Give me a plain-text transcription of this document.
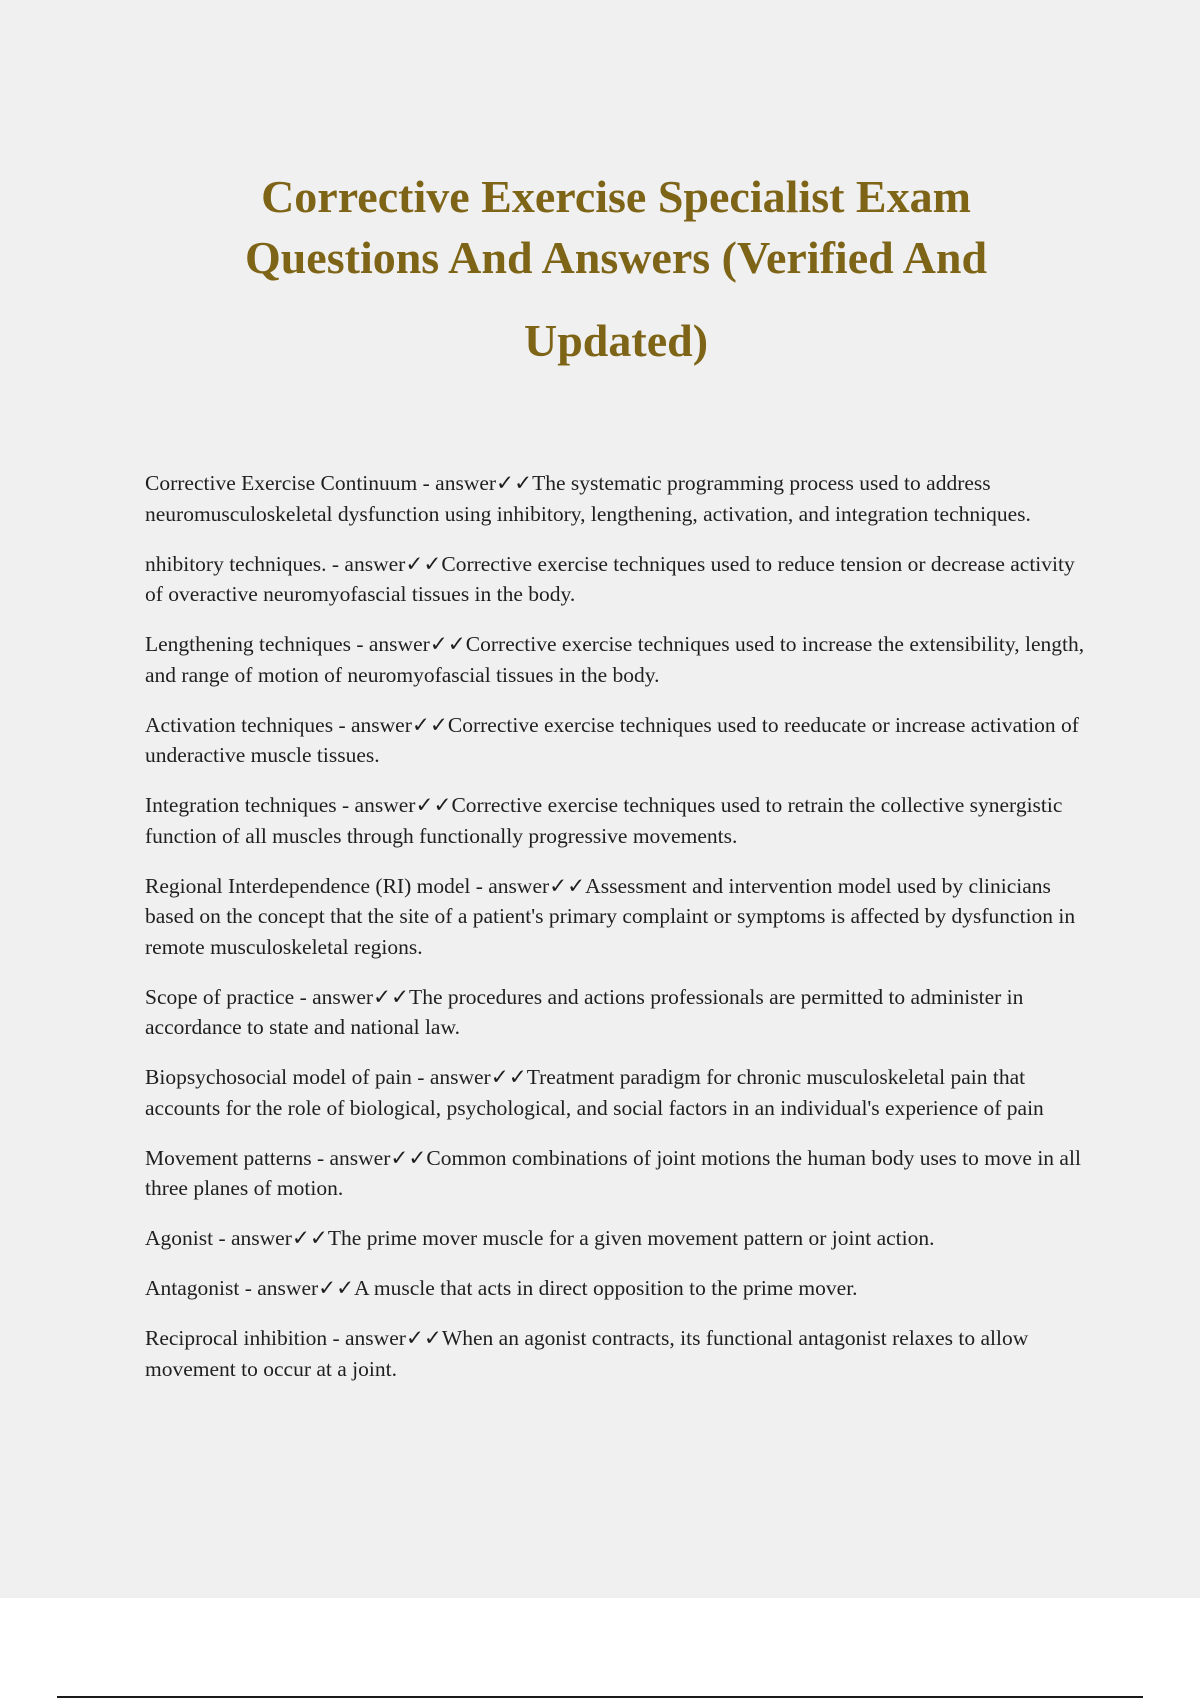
Corrective Exercise Specialist Exam
Questions And Answers (Verified And
Updated)

Corrective Exercise Continuum - answer✓✓The systematic programming process used to address neuromusculoskeletal dysfunction using inhibitory, lengthening, activation, and integration techniques.

nhibitory techniques. - answer✓✓Corrective exercise techniques used to reduce tension or decrease activity of overactive neuromyofascial tissues in the body.

Lengthening techniques - answer✓✓Corrective exercise techniques used to increase the extensibility, length, and range of motion of neuromyofascial tissues in the body.

Activation techniques - answer✓✓Corrective exercise techniques used to reeducate or increase activation of underactive muscle tissues.

Integration techniques - answer✓✓Corrective exercise techniques used to retrain the collective synergistic function of all muscles through functionally progressive movements.

Regional Interdependence (RI) model - answer✓✓Assessment and intervention model used by clinicians based on the concept that the site of a patient's primary complaint or symptoms is affected by dysfunction in remote musculoskeletal regions.

Scope of practice - answer✓✓The procedures and actions professionals are permitted to administer in accordance to state and national law.

Biopsychosocial model of pain - answer✓✓Treatment paradigm for chronic musculoskeletal pain that accounts for the role of biological, psychological, and social factors in an individual's experience of pain

Movement patterns - answer✓✓Common combinations of joint motions the human body uses to move in all three planes of motion.

Agonist - answer✓✓The prime mover muscle for a given movement pattern or joint action.

Antagonist - answer✓✓A muscle that acts in direct opposition to the prime mover.

Reciprocal inhibition - answer✓✓When an agonist contracts, its functional antagonist relaxes to allow movement to occur at a joint.
